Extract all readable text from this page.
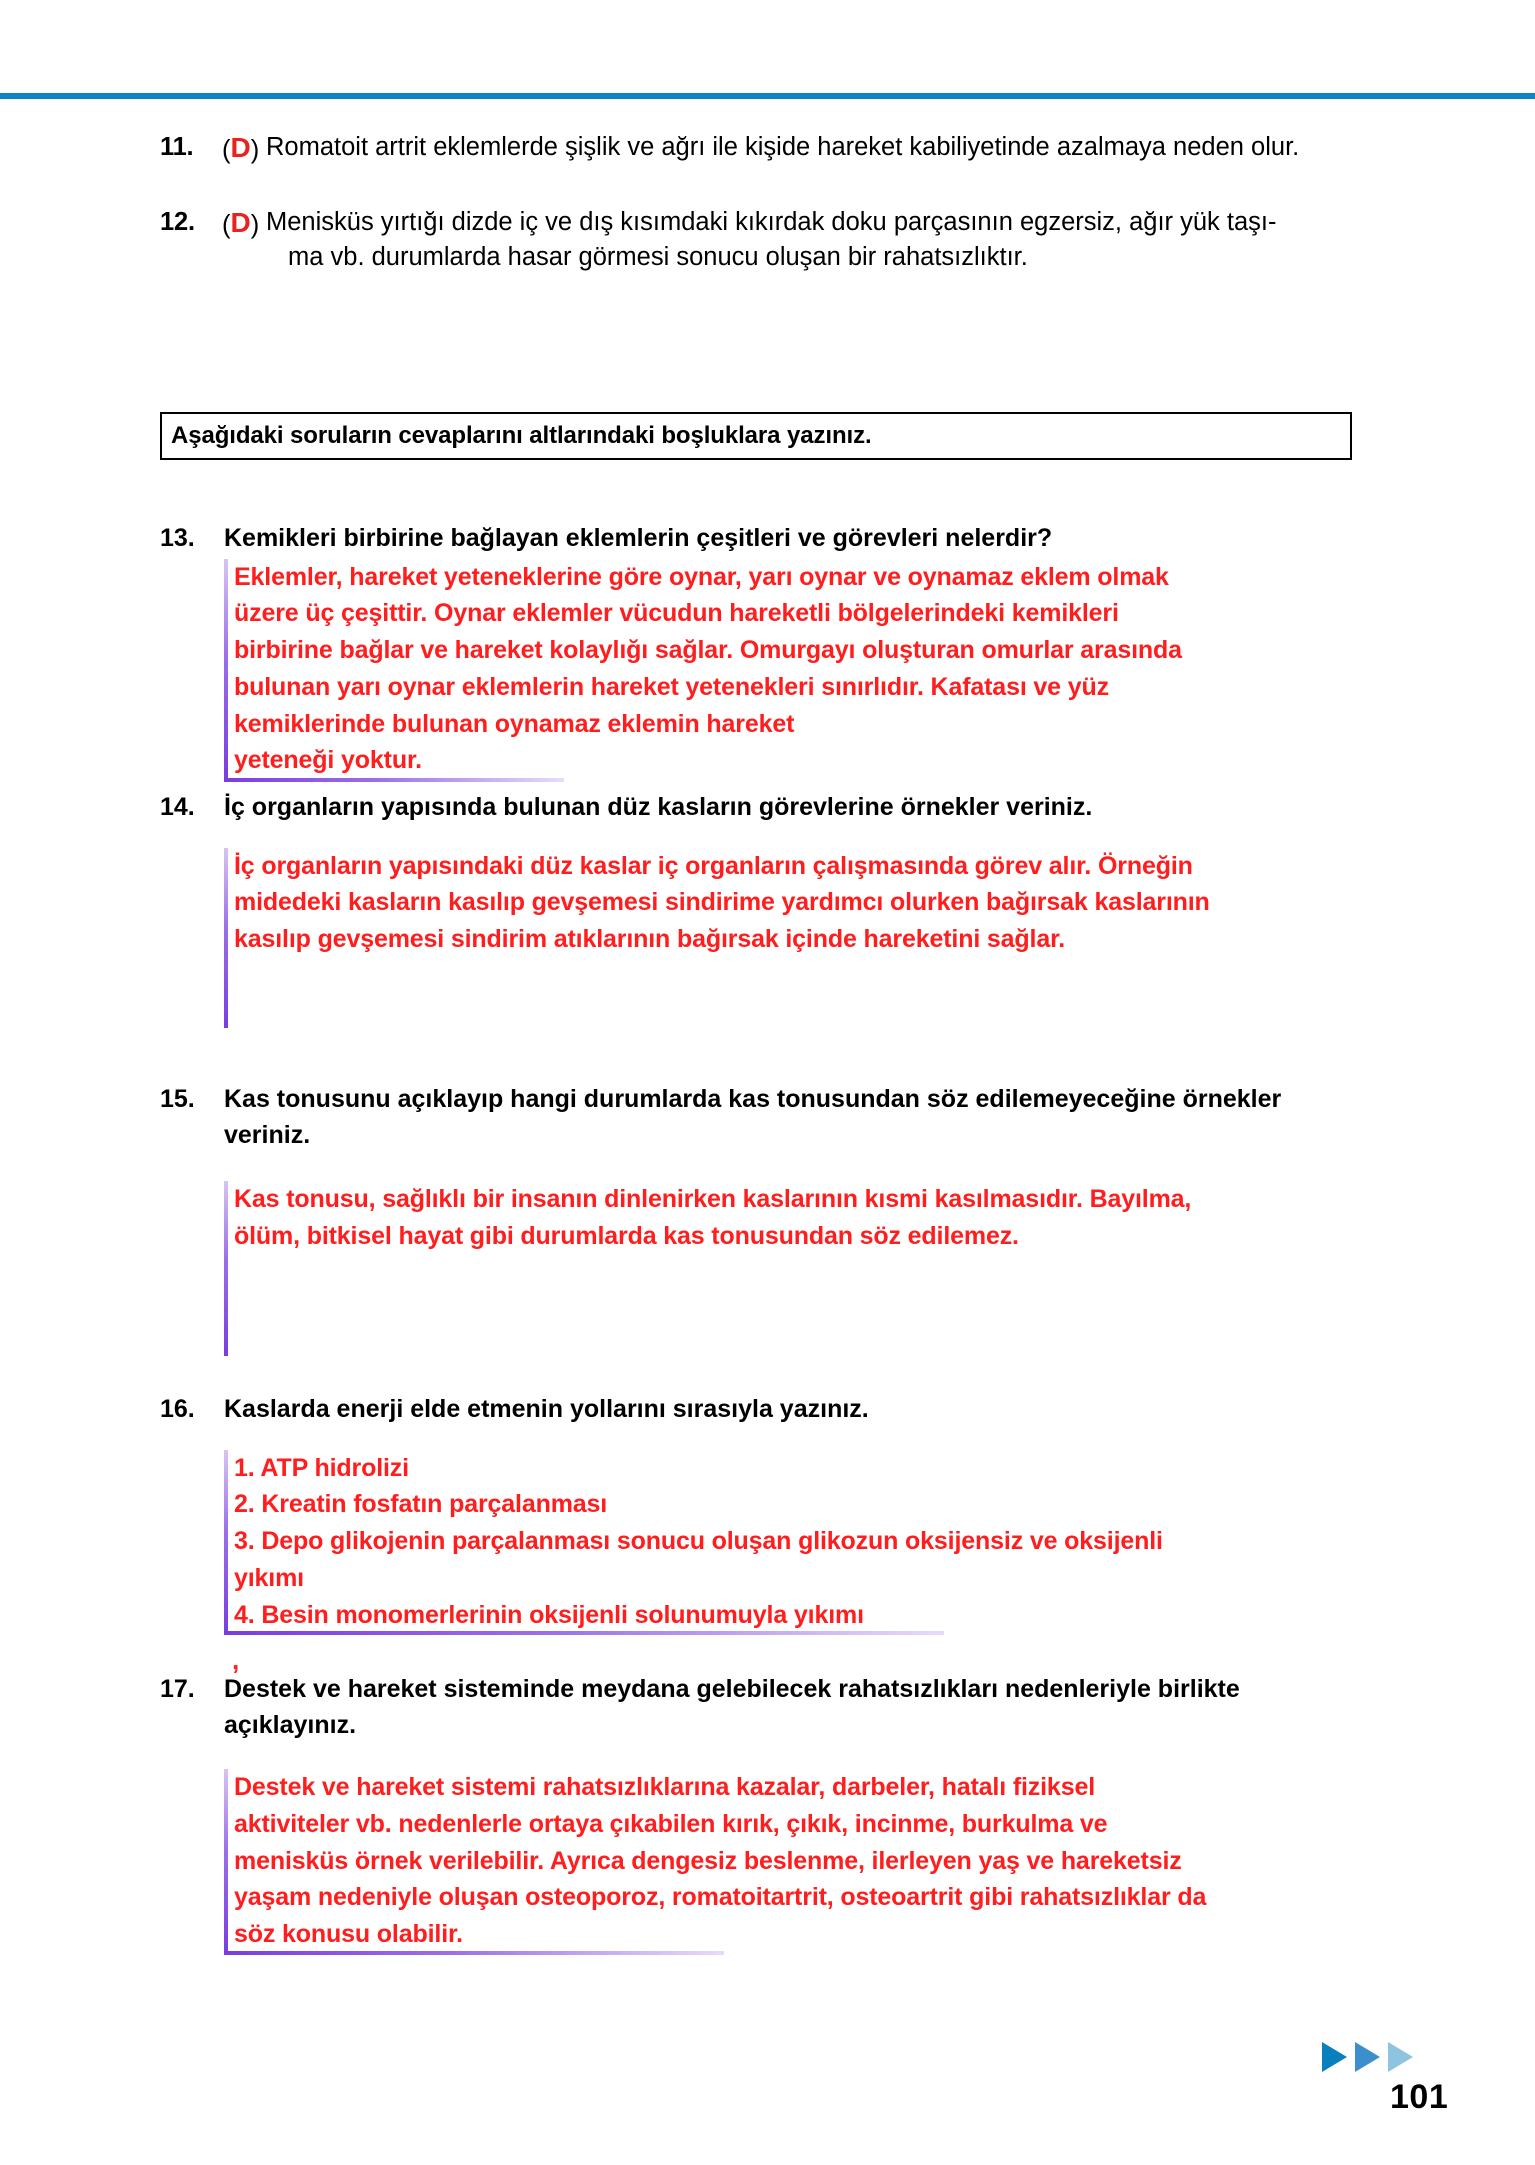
11.	(D) Romatoit artrit eklemlerde şişlik ve ağrı ile kişide hareket kabiliyetinde azalmaya neden olur.
12.	(D) Menisküs yırtığı dizde iç ve dış kısımdaki kıkırdak doku parçasının egzersiz, ağır yük taşı-
ma vb. durumlarda hasar görmesi sonucu oluşan bir rahatsızlıktır.
Aşağıdaki soruların cevaplarını altlarındaki boşluklara yazınız.
13.	Kemikleri birbirine bağlayan eklemlerin çeşitleri ve görevleri nelerdir?
Eklemler, hareket yeteneklerine göre oynar, yarı oynar ve oynamaz eklem olmak
üzere üç çeşittir. Oynar eklemler vücudun hareketli bölgelerindeki kemikleri
birbirine bağlar ve hareket kolaylığı sağlar. Omurgayı oluşturan omurlar arasında
bulunan yarı oynar eklemlerin hareket yetenekleri sınırlıdır. Kafatası ve yüz
kemiklerinde bulunan oynamaz eklemin hareket
yeteneği yoktur.
14.	İç organların yapısında bulunan düz kasların görevlerine örnekler veriniz.
İç organların yapısındaki düz kaslar iç organların çalışmasında görev alır. Örneğin
midedeki kasların kasılıp gevşemesi sindirime yardımcı olurken bağırsak kaslarının
kasılıp gevşemesi sindirim atıklarının bağırsak içinde hareketini sağlar.
15.	Kas tonusunu açıklayıp hangi durumlarda kas tonusundan söz edilemeyeceğine örnekler
veriniz.
Kas tonusu, sağlıklı bir insanın dinlenirken kaslarının kısmi kasılmasıdır. Bayılma,
ölüm, bitkisel hayat gibi durumlarda kas tonusundan söz edilemez.
16.	Kaslarda enerji elde etmenin yollarını sırasıyla yazınız.
1. ATP hidrolizi
2. Kreatin fosfatın parçalanması
3. Depo glikojenin parçalanması sonucu oluşan glikozun oksijensiz ve oksijenli
yıkımı
4. Besin monomerlerinin oksijenli solunumuyla yıkımı
,
17.	Destek ve hareket sisteminde meydana gelebilecek rahatsızlıkları nedenleriyle birlikte
açıklayınız.
Destek ve hareket sistemi rahatsızlıklarına kazalar, darbeler, hatalı fiziksel
aktiviteler vb. nedenlerle ortaya çıkabilen kırık, çıkık, incinme, burkulma ve
menisküs örnek verilebilir. Ayrıca dengesiz beslenme, ilerleyen yaş ve hareketsiz
yaşam nedeniyle oluşan osteoporoz, romatoitartrit, osteoartrit gibi rahatsızlıklar da
söz konusu olabilir.
101
